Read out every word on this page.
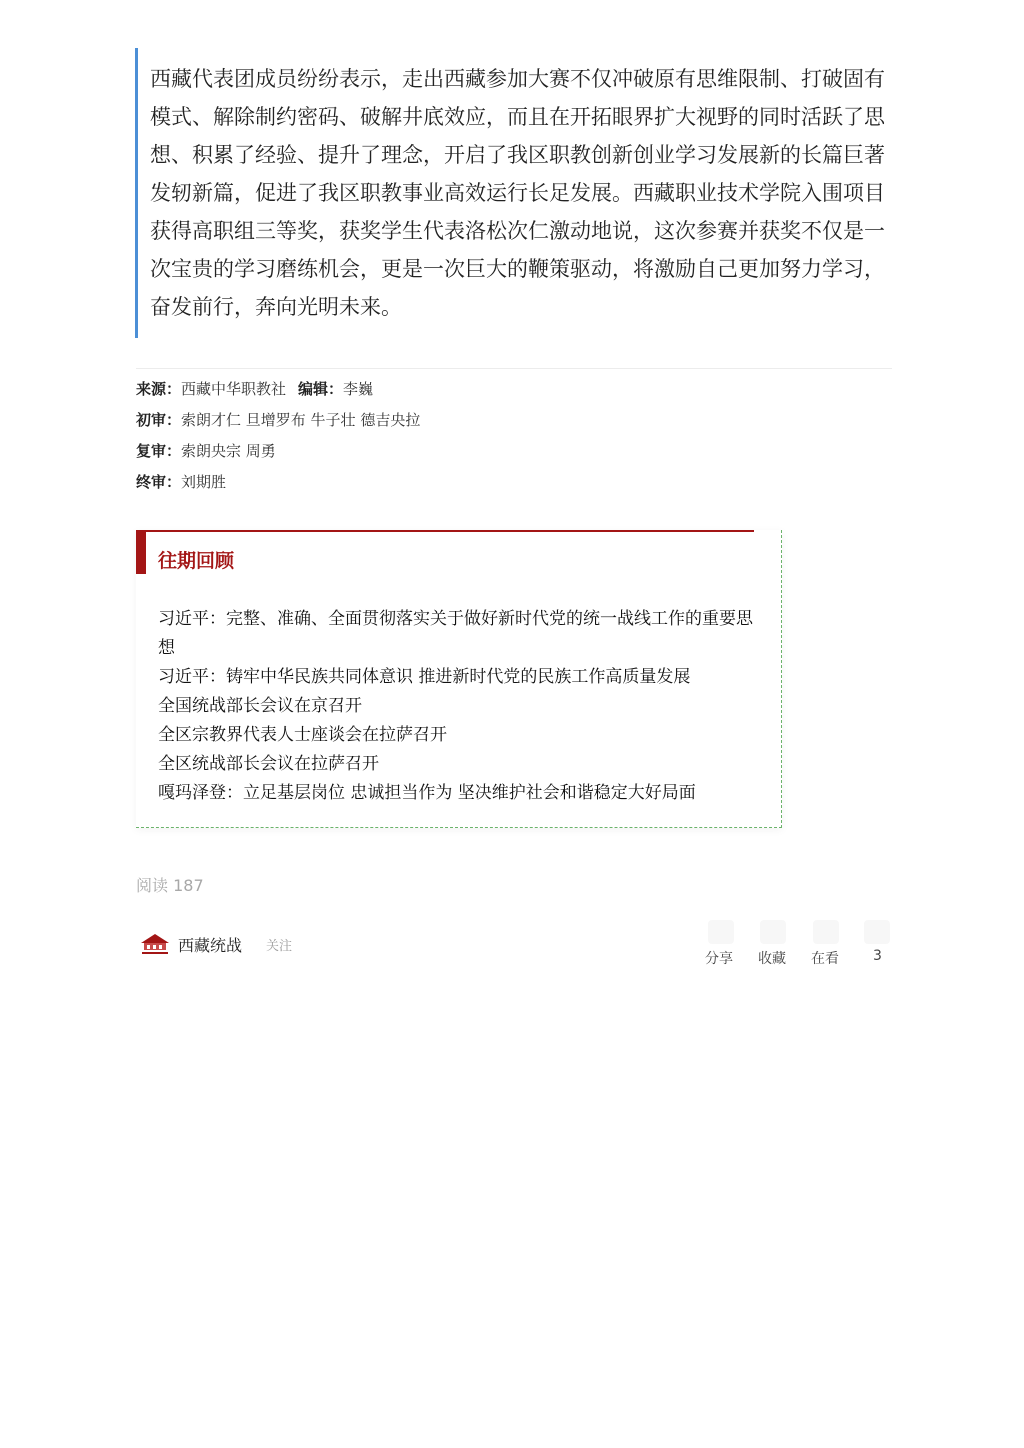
西藏代表团成员纷纷表示，走出西藏参加大赛不仅冲破原有思维限制、打破固有模式、解除制约密码、破解井底效应，而且在开拓眼界扩大视野的同时活跃了思想、积累了经验、提升了理念，开启了我区职教创新创业学习发展新的长篇巨著发轫新篇，促进了我区职教事业高效运行长足发展。西藏职业技术学院入围项目获得高职组三等奖，获奖学生代表洛松次仁激动地说，这次参赛并获奖不仅是一次宝贵的学习磨练机会，更是一次巨大的鞭策驱动，将激励自己更加努力学习，奋发前行，奔向光明未来。
来源：西藏中华职教社 编辑：李巍
初审：索朗才仁 旦增罗布 牛子壮 德吉央拉
复审：索朗央宗 周勇
终审：刘期胜
往期回顾
习近平：完整、准确、全面贯彻落实关于做好新时代党的统一战线工作的重要思想
习近平：铸牢中华民族共同体意识 推进新时代党的民族工作高质量发展
全国统战部长会议在京召开
全区宗教界代表人士座谈会在拉萨召开
全区统战部长会议在拉萨召开
嘎玛泽登：立足基层岗位 忠诚担当作为 坚决维护社会和谐稳定大好局面
阅读 187
西藏统战 关注
分享 收藏 在看 3
